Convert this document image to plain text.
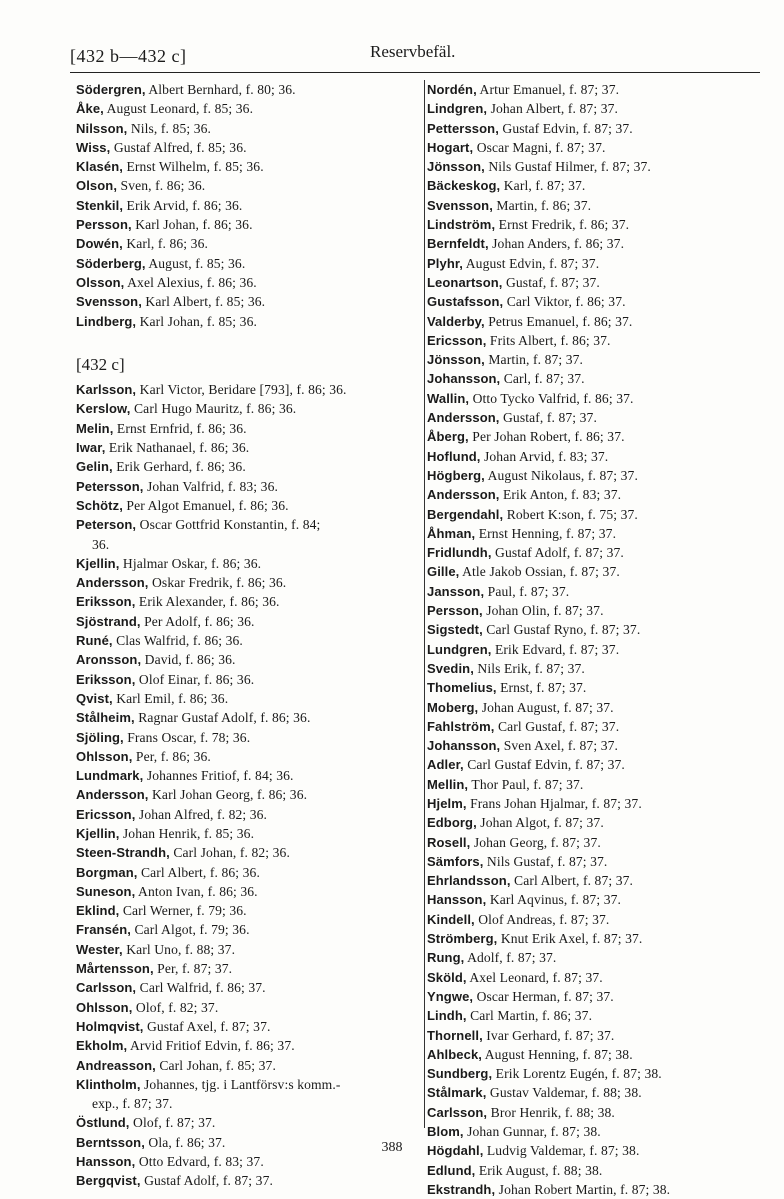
[432 b—432 c]	Reservbefäl.
Södergren, Albert Bernhard, f. 80; 36.
Åke, August Leonard, f. 85; 36.
Nilsson, Nils, f. 85; 36.
Wiss, Gustaf Alfred, f. 85; 36.
Klasén, Ernst Wilhelm, f. 85; 36.
Olson, Sven, f. 86; 36.
Stenkil, Erik Arvid, f. 86; 36.
Persson, Karl Johan, f. 86; 36.
Dowén, Karl, f. 86; 36.
Söderberg, August, f. 85; 36.
Olsson, Axel Alexius, f. 86; 36.
Svensson, Karl Albert, f. 85; 36.
Lindberg, Karl Johan, f. 85; 36.
[432 c]
Karlsson, Karl Victor, Beridare [793], f. 86; 36.
Kerslow, Carl Hugo Mauritz, f. 86; 36.
Melin, Ernst Ernfrid, f. 86; 36.
Iwar, Erik Nathanael, f. 86; 36.
Gelin, Erik Gerhard, f. 86; 36.
Petersson, Johan Valfrid, f. 83; 36.
Schötz, Per Algot Emanuel, f. 86; 36.
Peterson, Oscar Gottfrid Konstantin, f. 84;
36.
Kjellin, Hjalmar Oskar, f. 86; 36.
Andersson, Oskar Fredrik, f. 86; 36.
Eriksson, Erik Alexander, f. 86; 36.
Sjöstrand, Per Adolf, f. 86; 36.
Runé, Clas Walfrid, f. 86; 36.
Aronsson, David, f. 86; 36.
Eriksson, Olof Einar, f. 86; 36.
Qvist, Karl Emil, f. 86; 36.
Stålheim, Ragnar Gustaf Adolf, f. 86; 36.
Sjöling, Frans Oscar, f. 78; 36.
Ohlsson, Per, f. 86; 36.
Lundmark, Johannes Fritiof, f. 84; 36.
Andersson, Karl Johan Georg, f. 86; 36.
Ericsson, Johan Alfred, f. 82; 36.
Kjellin, Johan Henrik, f. 85; 36.
Steen-Strandh, Carl Johan, f. 82; 36.
Borgman, Carl Albert, f. 86; 36.
Suneson, Anton Ivan, f. 86; 36.
Eklind, Carl Werner, f. 79; 36.
Fransén, Carl Algot, f. 79; 36.
Wester, Karl Uno, f. 88; 37.
Mårtensson, Per, f. 87; 37.
Carlsson, Carl Walfrid, f. 86; 37.
Ohlsson, Olof, f. 82; 37.
Holmqvist, Gustaf Axel, f. 87; 37.
Ekholm, Arvid Fritiof Edvin, f. 86; 37.
Andreasson, Carl Johan, f. 85; 37.
Klintholm, Johannes, tjg. i Lantförsv:s komm.-
exp., f. 87; 37.
Östlund, Olof, f. 87; 37.
Berntsson, Ola, f. 86; 37.
Hansson, Otto Edvard, f. 83; 37.
Bergqvist, Gustaf Adolf, f. 87; 37.
Nordén, Artur Emanuel, f. 87; 37.
Lindgren, Johan Albert, f. 87; 37.
Pettersson, Gustaf Edvin, f. 87; 37.
Hogart, Oscar Magni, f. 87; 37.
Jönsson, Nils Gustaf Hilmer, f. 87; 37.
Bäckeskog, Karl, f. 87; 37.
Svensson, Martin, f. 86; 37.
Lindström, Ernst Fredrik, f. 86; 37.
Bernfeldt, Johan Anders, f. 86; 37.
Plyhr, August Edvin, f. 87; 37.
Leonartson, Gustaf, f. 87; 37.
Gustafsson, Carl Viktor, f. 86; 37.
Valderby, Petrus Emanuel, f. 86; 37.
Ericsson, Frits Albert, f. 86; 37.
Jönsson, Martin, f. 87; 37.
Johansson, Carl, f. 87; 37.
Wallin, Otto Tycko Valfrid, f. 86; 37.
Andersson, Gustaf, f. 87; 37.
Åberg, Per Johan Robert, f. 86; 37.
Hoflund, Johan Arvid, f. 83; 37.
Högberg, August Nikolaus, f. 87; 37.
Andersson, Erik Anton, f. 83; 37.
Bergendahl, Robert K:son, f. 75; 37.
Åhman, Ernst Henning, f. 87; 37.
Fridlundh, Gustaf Adolf, f. 87; 37.
Gille, Atle Jakob Ossian, f. 87; 37.
Jansson, Paul, f. 87; 37.
Persson, Johan Olin, f. 87; 37.
Sigstedt, Carl Gustaf Ryno, f. 87; 37.
Lundgren, Erik Edvard, f. 87; 37.
Svedin, Nils Erik, f. 87; 37.
Thomelius, Ernst, f. 87; 37.
Moberg, Johan August, f. 87; 37.
Fahlström, Carl Gustaf, f. 87; 37.
Johansson, Sven Axel, f. 87; 37.
Adler, Carl Gustaf Edvin, f. 87; 37.
Mellin, Thor Paul, f. 87; 37.
Hjelm, Frans Johan Hjalmar, f. 87; 37.
Edborg, Johan Algot, f. 87; 37.
Rosell, Johan Georg, f. 87; 37.
Sämfors, Nils Gustaf, f. 87; 37.
Ehrlandsson, Carl Albert, f. 87; 37.
Hansson, Karl Aqvinus, f. 87; 37.
Kindell, Olof Andreas, f. 87; 37.
Strömberg, Knut Erik Axel, f. 87; 37.
Rung, Adolf, f. 87; 37.
Sköld, Axel Leonard, f. 87; 37.
Yngwe, Oscar Herman, f. 87; 37.
Lindh, Carl Martin, f. 86; 37.
Thornell, Ivar Gerhard, f. 87; 37.
Ahlbeck, August Henning, f. 87; 38.
Sundberg, Erik Lorentz Eugén, f. 87; 38.
Stålmark, Gustav Valdemar, f. 88; 38.
Carlsson, Bror Henrik, f. 88; 38.
Blom, Johan Gunnar, f. 87; 38.
Högdahl, Ludvig Valdemar, f. 87; 38.
Edlund, Erik August, f. 88; 38.
Ekstrandh, Johan Robert Martin, f. 87; 38.
388
